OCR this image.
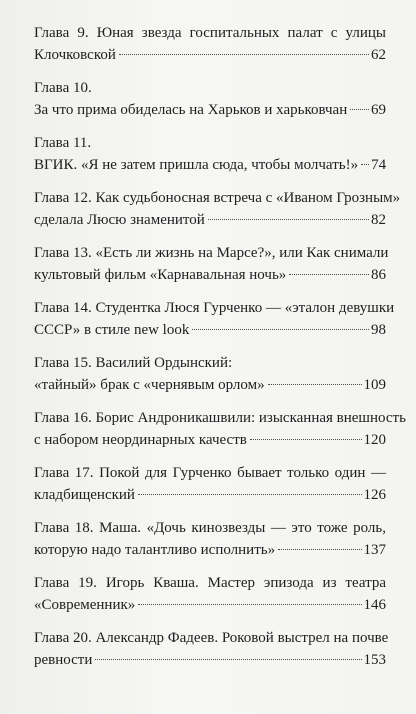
Глава 9. Юная звезда госпитальных палат с улицы
Клочковской	62
Глава 10.
За что прима обиделась на Харьков и харьковчан 69
Глава 11.
ВГИК. «Я не затем пришла сюда, чтобы молчать!» 74
Глава 12. Как судьбоносная встреча с «Иваном Грозным»
сделала Люсю знаменитой	82
Глава 13. «Есть ли жизнь на Марсе?», или Как снимали
культовый фильм «Карнавальная ночь»	86
Глава 14. Студентка Люся Гурченко — «эталон девушки
СССР» в стиле new look	98
Глава 15. Василий Ордынский:
«тайный» брак с «чернявым орлом»	109
Глава 16. Борис Андроникашвили: изысканная внешность
с набором неординарных качеств	120
Глава 17. Покой для Гурченко бывает только один —
кладбищенский	126
Глава 18. Маша. «Дочь кинозвезды — это тоже роль,
которую надо талантливо исполнить»	137
Глава 19. Игорь Кваша. Мастер эпизода из театра
«Современник»	146
Глава 20. Александр Фадеев. Роковой выстрел на почве
ревности	153
